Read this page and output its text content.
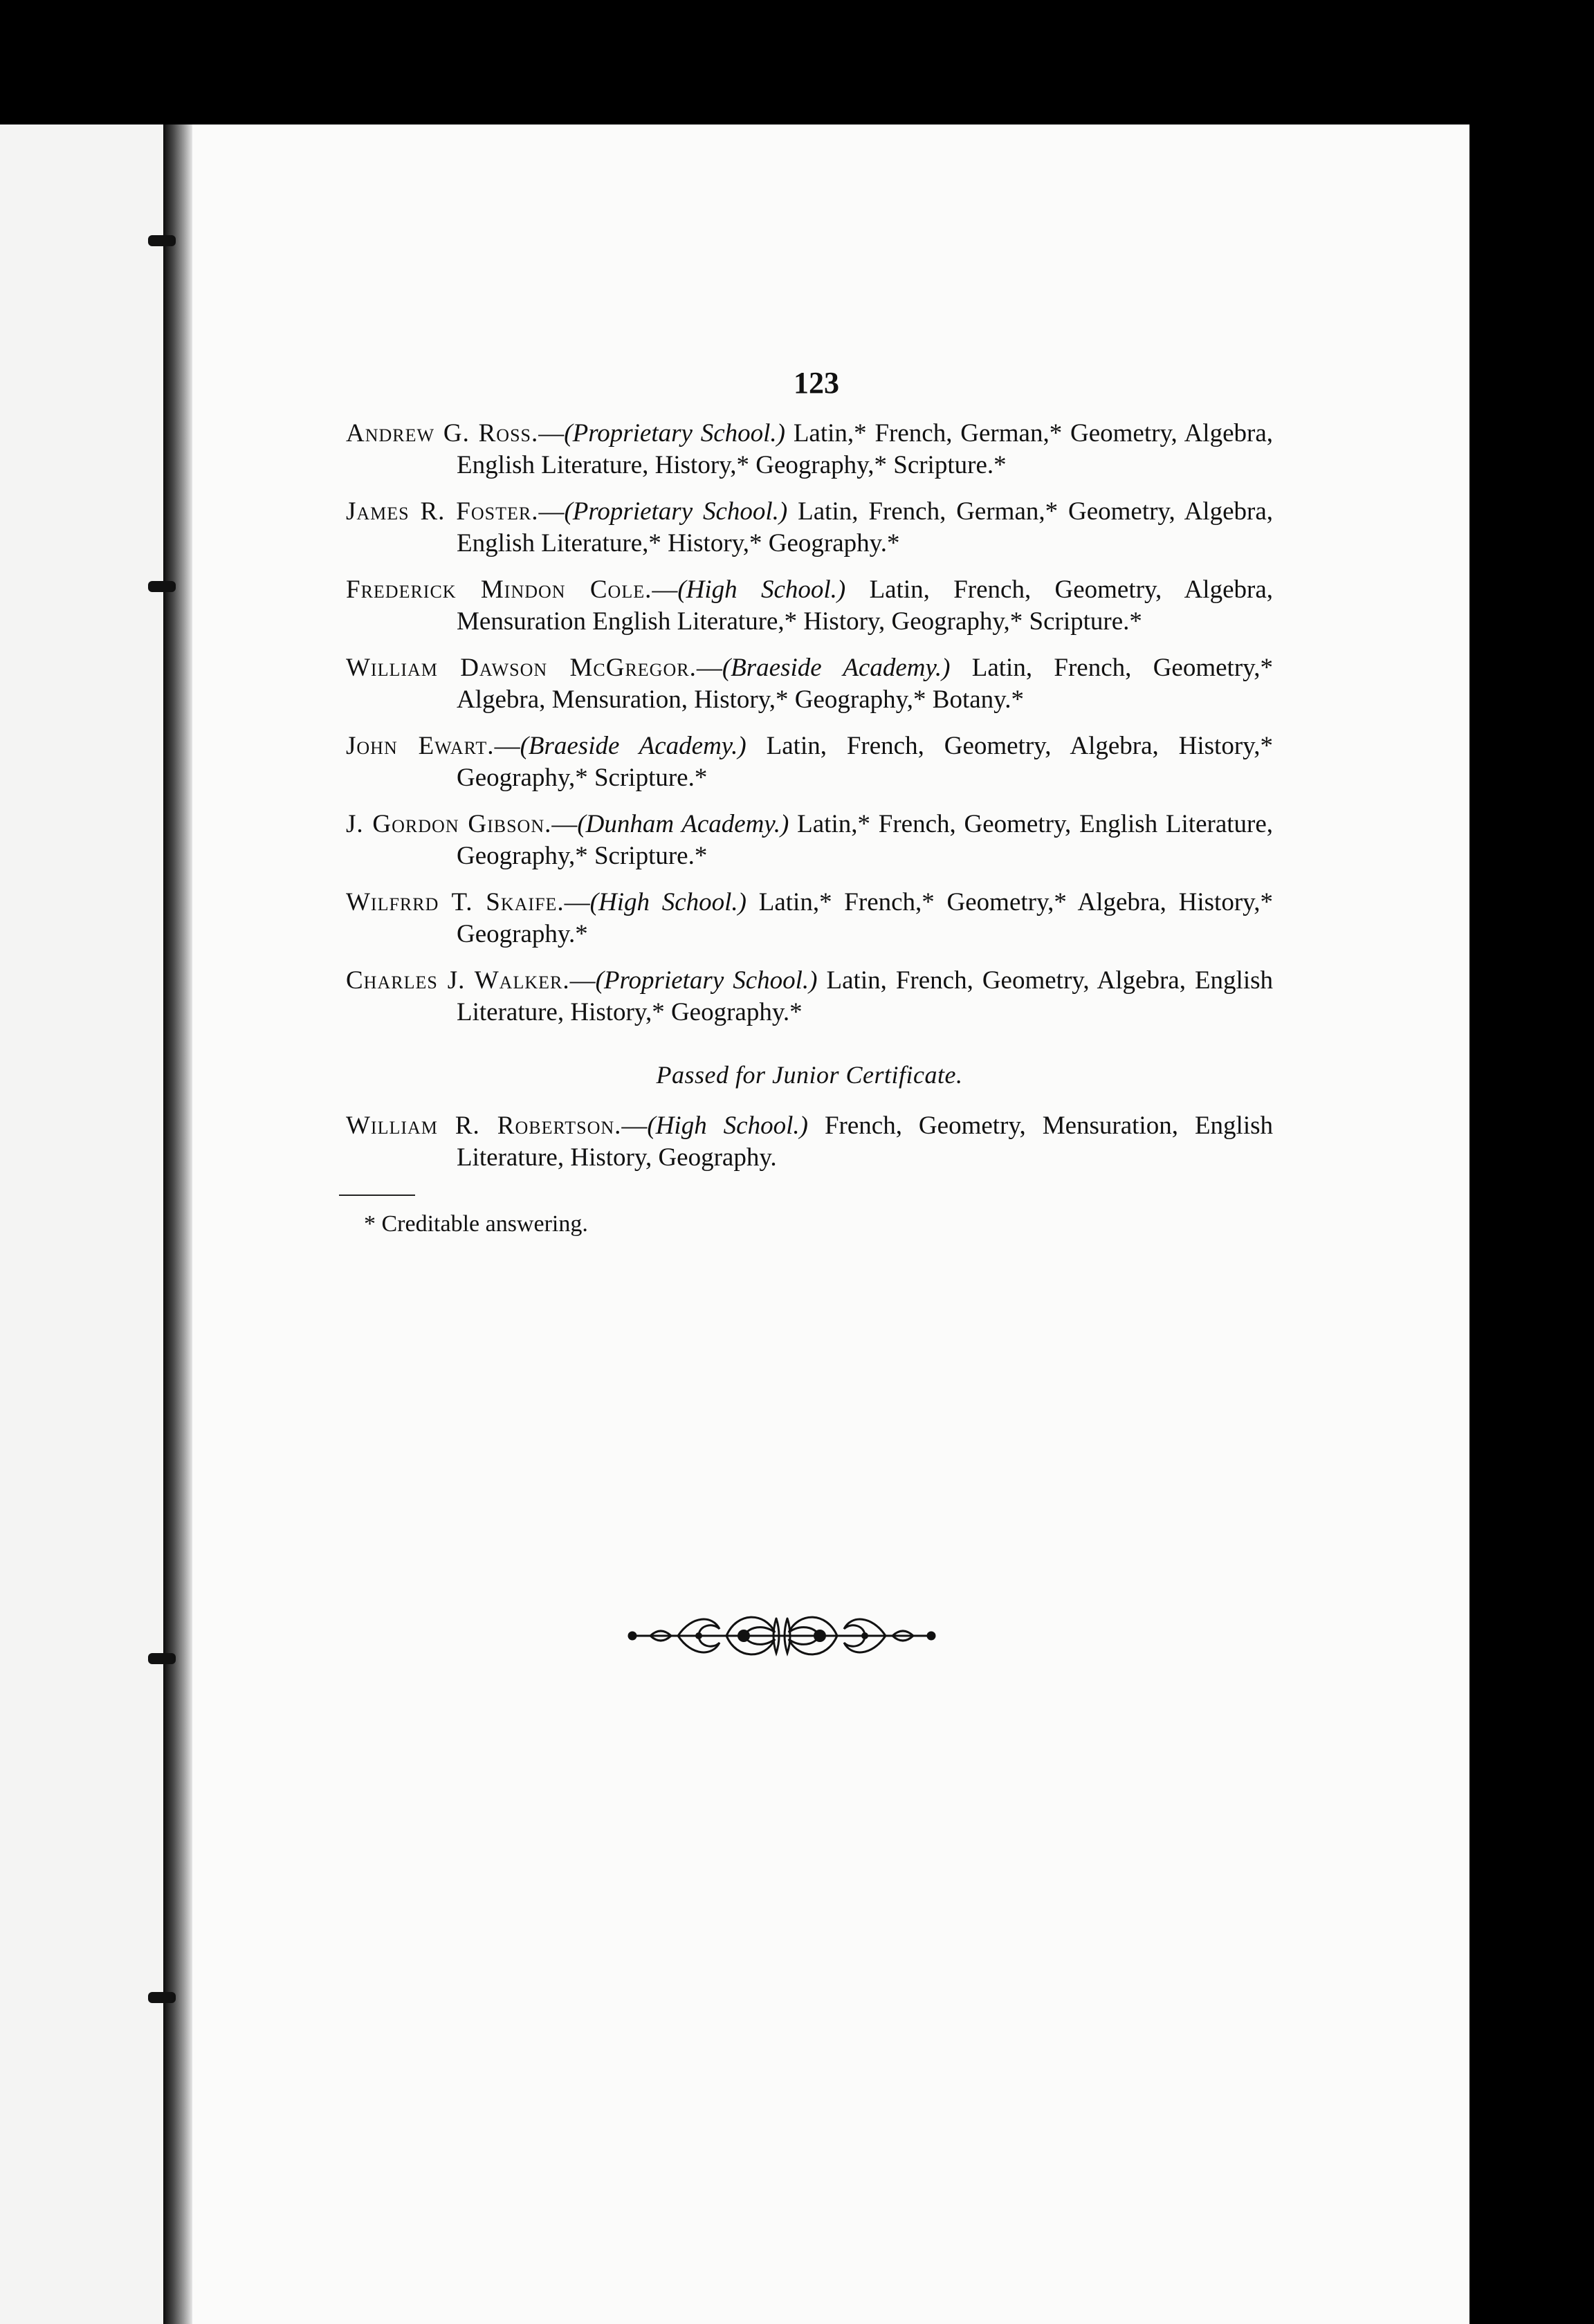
123

Andrew G. Ross.—(Proprietary School.) Latin,* French, German,* Geometry, Algebra, English Literature, History,* Geography,* Scripture.*

James R. Foster.—(Proprietary School.) Latin, French, German,* Geometry, Algebra, English Literature,* History,* Geography.*

Frederick Mindon Cole.—(High School.) Latin, French, Geometry, Algebra, Mensuration English Literature,* History, Geography,* Scripture.*

William Dawson McGregor.—(Braeside Academy.) Latin, French, Geometry,* Algebra, Mensuration, History,* Geography,* Botany.*

John Ewart.—(Braeside Academy.) Latin, French, Geometry, Algebra, History,* Geography,* Scripture.*

J. Gordon Gibson.—(Dunham Academy.) Latin,* French, Geometry, English Literature, Geography,* Scripture.*

Wilfrrd T. Skaife.—(High School.) Latin,* French,* Geometry,* Algebra, History,* Geography.*

Charles J. Walker.—(Proprietary School.) Latin, French, Geometry, Algebra, English Literature, History,* Geography.*

Passed for Junior Certificate.

William R. Robertson.—(High School.) French, Geometry, Mensuration, English Literature, History, Geography.

* Creditable answering.
